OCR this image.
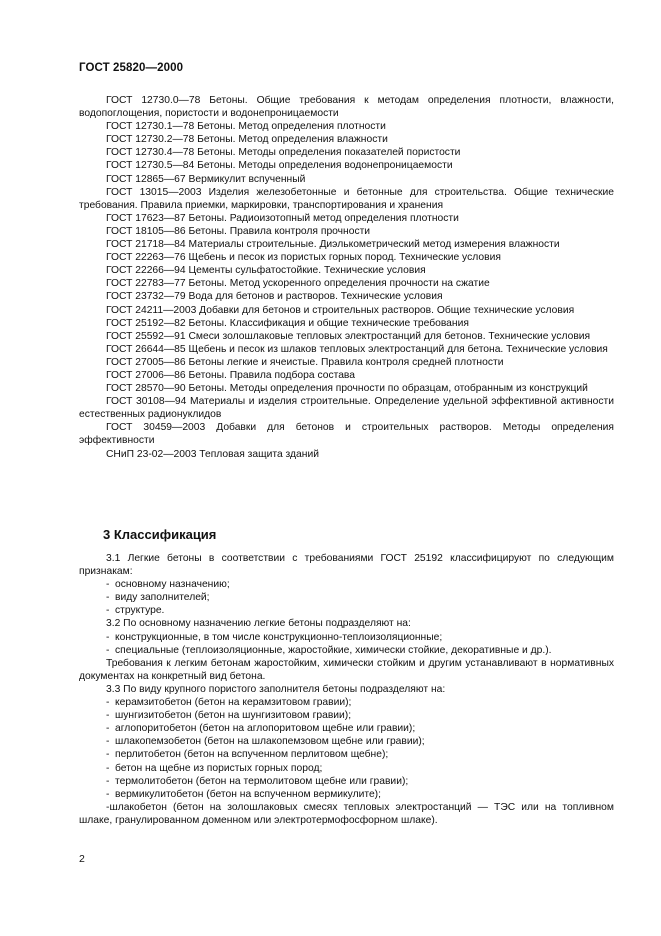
ГОСТ 25820—2000

ГОСТ 12730.0—78 Бетоны. Общие требования к методам определения плотности, влажности, водопоглощения, пористости и водонепроницаемости

ГОСТ 12730.1—78 Бетоны. Метод определения плотности

ГОСТ 12730.2—78 Бетоны. Метод определения влажности

ГОСТ 12730.4—78 Бетоны. Методы определения показателей пористости

ГОСТ 12730.5—84 Бетоны. Методы определения водонепроницаемости

ГОСТ 12865—67 Вермикулит вспученный

ГОСТ 13015—2003 Изделия железобетонные и бетонные для строительства. Общие технические требования. Правила приемки, маркировки, транспортирования и хранения

ГОСТ 17623—87 Бетоны. Радиоизотопный метод определения плотности

ГОСТ 18105—86 Бетоны. Правила контроля прочности

ГОСТ 21718—84 Материалы строительные. Диэлькометрический метод измерения влажности

ГОСТ 22263—76 Щебень и песок из пористых горных пород. Технические условия

ГОСТ 22266—94 Цементы сульфатостойкие. Технические условия

ГОСТ 22783—77 Бетоны. Метод ускоренного определения прочности на сжатие

ГОСТ 23732—79 Вода для бетонов и растворов. Технические условия

ГОСТ 24211—2003 Добавки для бетонов и строительных растворов. Общие технические условия

ГОСТ 25192—82 Бетоны. Классификация и общие технические требования

ГОСТ 25592—91 Смеси золошлаковые тепловых электростанций для бетонов. Технические условия

ГОСТ 26644—85 Щебень и песок из шлаков тепловых электростанций для бетона. Технические условия

ГОСТ 27005—86 Бетоны легкие и ячеистые. Правила контроля средней плотности

ГОСТ 27006—86 Бетоны. Правила подбора состава

ГОСТ 28570—90 Бетоны. Методы определения прочности по образцам, отобранным из конструкций

ГОСТ 30108—94 Материалы и изделия строительные. Определение удельной эффективной активности естественных радионуклидов

ГОСТ 30459—2003 Добавки для бетонов и строительных растворов. Методы определения эффективности

СНиП 23-02—2003 Тепловая защита зданий

3 Классификация

3.1 Легкие бетоны в соответствии с требованиями ГОСТ 25192 классифицируют по следующим признакам:

- основному назначению;

- виду заполнителей;

- структуре.

3.2 По основному назначению легкие бетоны подразделяют на:

- конструкционные, в том числе конструкционно-теплоизоляционные;

- специальные (теплоизоляционные, жаростойкие, химически стойкие, декоративные и др.).

Требования к легким бетонам жаростойким, химически стойким и другим устанавливают в нормативных документах на конкретный вид бетона.

3.3 По виду крупного пористого заполнителя бетоны подразделяют на:

- керамзитобетон (бетон на керамзитовом гравии);

- шунгизитобетон (бетон на шунгизитовом гравии);

- аглопоритобетон (бетон на аглопоритовом щебне или гравии);

- шлакопемзобетон (бетон на шлакопемзовом щебне или гравии);

- перлитобетон (бетон на вспученном перлитовом щебне);

- бетон на щебне из пористых горных пород;

- термолитобетон (бетон на термолитовом щебне или гравии);

- вермикулитобетон (бетон на вспученном вермикулите);

-шлакобетон (бетон на золошлаковых смесях тепловых электростанций — ТЭС или на топливном шлаке, гранулированном доменном или электротермофосфорном шлаке).

2
